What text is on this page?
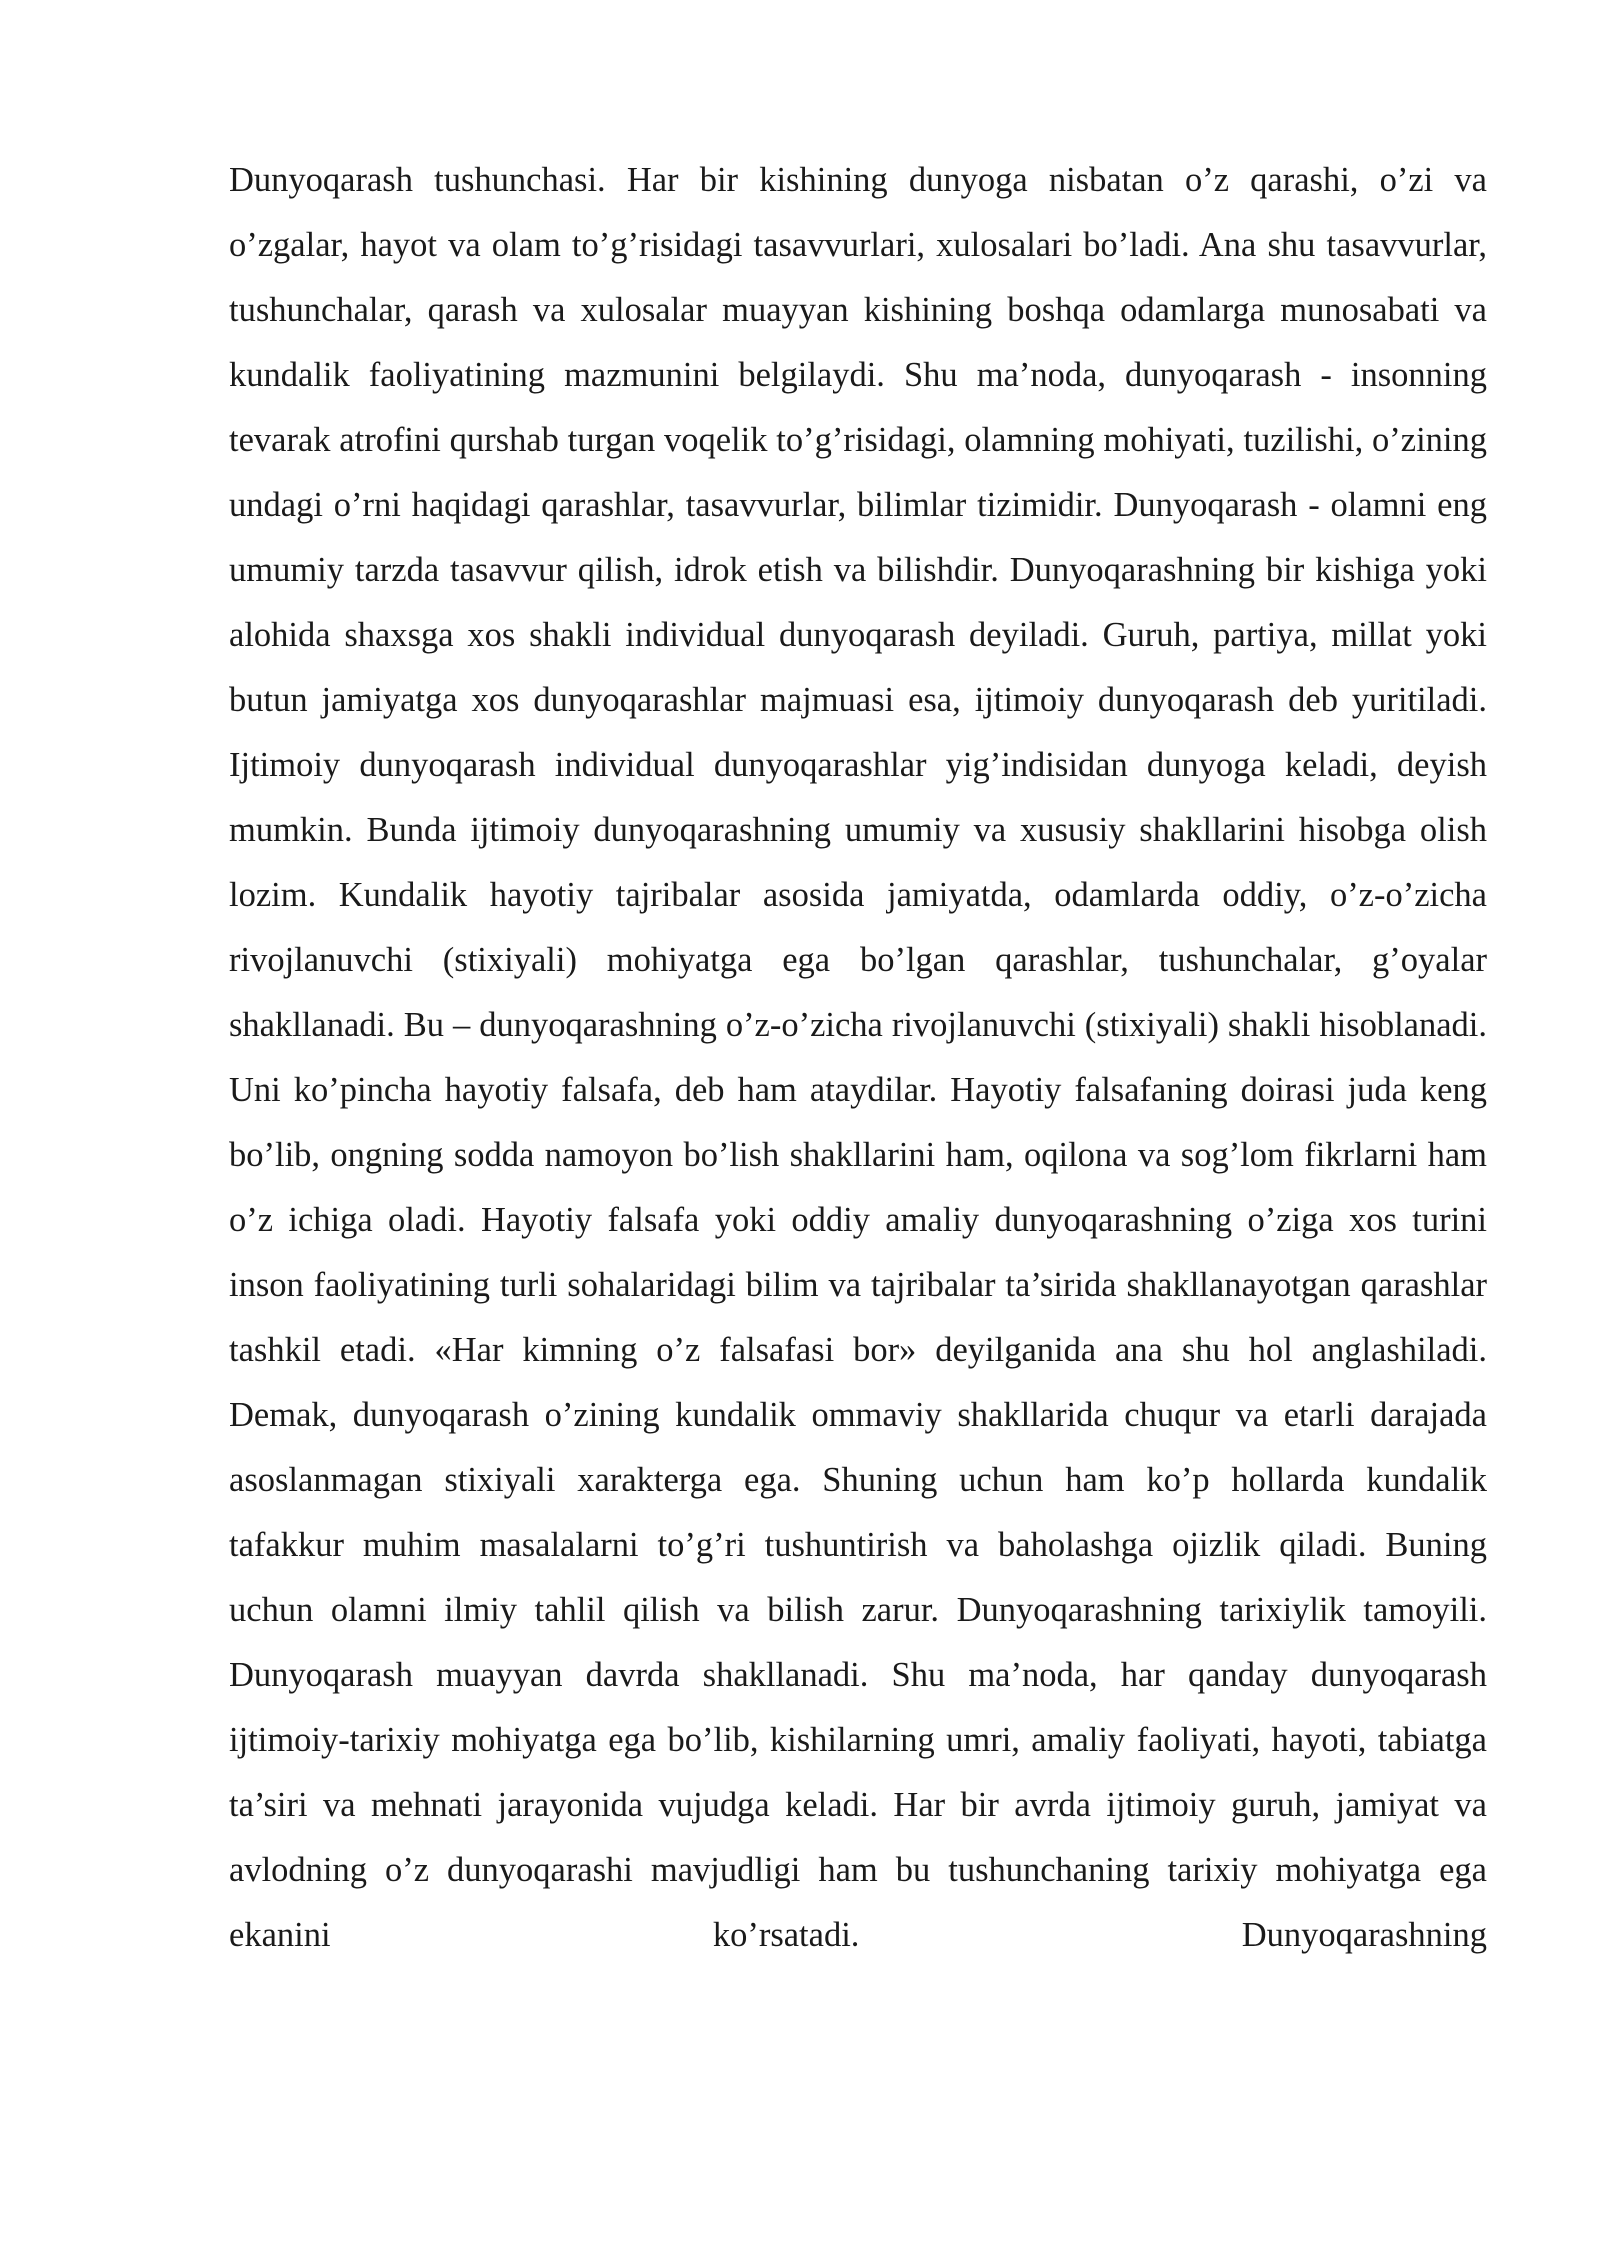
Dunyoqarash tushunchasi. Har bir kishining dunyoga nisbatan o’z qarashi, o’zi va o’zgalar, hayot va olam to’g’risidagi tasavvurlari, xulosalari bo’ladi. Ana shu tasavvurlar, tushunchalar, qarash va xulosalar muayyan kishining boshqa odamlarga munosabati va kundalik faoliyatining mazmunini belgilaydi. Shu ma’noda, dunyoqarash - insonning tevarak atrofini qurshab turgan voqelik to’g’risidagi, olamning mohiyati, tuzilishi, o’zining undagi o’rni haqidagi qarashlar, tasavvurlar, bilimlar tizimidir. Dunyoqarash - olamni eng umumiy tarzda tasavvur qilish, idrok etish va bilishdir. Dunyoqarashning bir kishiga yoki alohida shaxsga xos shakli individual dunyoqarash deyiladi. Guruh, partiya, millat yoki butun jamiyatga xos dunyoqarashlar majmuasi esa, ijtimoiy dunyoqarash deb yuritiladi. Ijtimoiy dunyoqarash individual dunyoqarashlar yig’indisidan dunyoga keladi, deyish mumkin. Bunda ijtimoiy dunyoqarashning umumiy va xususiy shakllarini hisobga olish lozim. Kundalik hayotiy tajribalar asosida jamiyatda, odamlarda oddiy, o’z-o’zicha rivojlanuvchi (stixiyali) mohiyatga ega bo’lgan qarashlar, tushunchalar, g’oyalar shakllanadi. Bu – dunyoqarashning o’z-o’zicha rivojlanuvchi (stixiyali) shakli hisoblanadi. Uni ko’pincha hayotiy falsafa, deb ham ataydilar. Hayotiy falsafaning doirasi juda keng bo’lib, ongning sodda namoyon bo’lish shakllarini ham, oqilona va sog’lom fikrlarni ham o’z ichiga oladi. Hayotiy falsafa yoki oddiy amaliy dunyoqarashning o’ziga xos turini inson faoliyatining turli sohalaridagi bilim va tajribalar ta’sirida shakllanayotgan qarashlar tashkil etadi. «Har kimning o’z falsafasi bor» deyilganida ana shu hol anglashiladi. Demak, dunyoqarash o’zining kundalik ommaviy shakllarida chuqur va etarli darajada asoslanmagan stixiyali xarakterga ega. Shuning uchun ham ko’p hollarda kundalik tafakkur muhim masalalarni to’g’ri tushuntirish va baholashga ojizlik qiladi. Buning uchun olamni ilmiy tahlil qilish va bilish zarur. Dunyoqarashning tarixiylik tamoyili. Dunyoqarash muayyan davrda shakllanadi. Shu ma’noda, har qanday dunyoqarash ijtimoiy-tarixiy mohiyatga ega bo’lib, kishilarning umri, amaliy faoliyati, hayoti, tabiatga ta’siri va mehnati jarayonida vujudga keladi. Har bir avrda ijtimoiy guruh, jamiyat va avlodning o’z dunyoqarashi mavjudligi ham bu tushunchaning tarixiy mohiyatga ega ekanini ko’rsatadi. Dunyoqarashning
